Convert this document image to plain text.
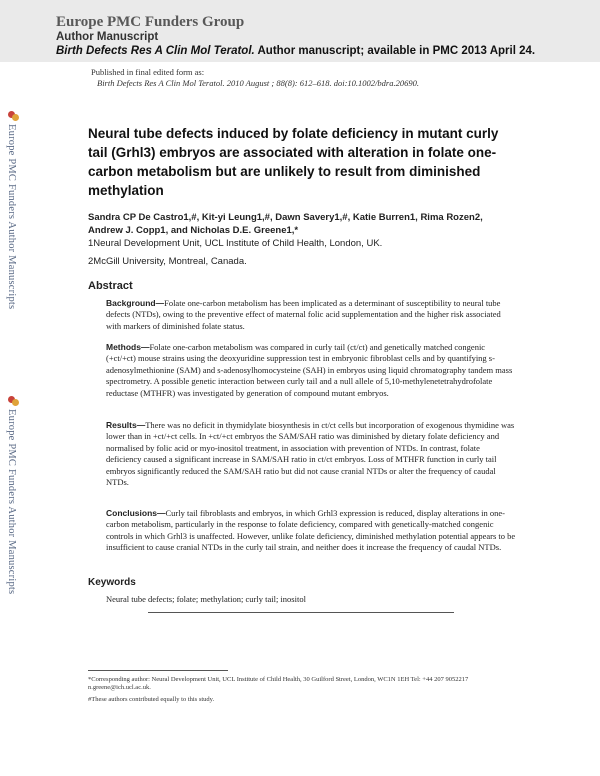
Europe PMC Funders Group
Author Manuscript
Birth Defects Res A Clin Mol Teratol. Author manuscript; available in PMC 2013 April 24.
Published in final edited form as:
Birth Defects Res A Clin Mol Teratol. 2010 August ; 88(8): 612–618. doi:10.1002/bdra.20690.
Europe PMC Funders Author Manuscripts
Europe PMC Funders Author Manuscripts
Neural tube defects induced by folate deficiency in mutant curly tail (Grhl3) embryos are associated with alteration in folate one-carbon metabolism but are unlikely to result from diminished methylation
Sandra CP De Castro1,#, Kit-yi Leung1,#, Dawn Savery1,#, Katie Burren1, Rima Rozen2, Andrew J. Copp1, and Nicholas D.E. Greene1,*
1Neural Development Unit, UCL Institute of Child Health, London, UK.
2McGill University, Montreal, Canada.
Abstract
Background—Folate one-carbon metabolism has been implicated as a determinant of susceptibility to neural tube defects (NTDs), owing to the preventive effect of maternal folic acid supplementation and the higher risk associated with markers of diminished folate status.
Methods—Folate one-carbon metabolism was compared in curly tail (ct/ct) and genetically matched congenic (+ct/+ct) mouse strains using the deoxyuridine suppression test in embryonic fibroblast cells and by quantifying s-adenosylmethionine (SAM) and s-adenosylhomocysteine (SAH) in embryos using liquid chromatography tandem mass spectrometry. A possible genetic interaction between curly tail and a null allele of 5,10-methylenetetrahydrofolate reductase (MTHFR) was investigated by generation of compound mutant embryos.
Results—There was no deficit in thymidylate biosynthesis in ct/ct cells but incorporation of exogenous thymidine was lower than in +ct/+ct cells. In +ct/+ct embryos the SAM/SAH ratio was diminished by dietary folate deficiency and normalised by folic acid or myo-inositol treatment, in association with prevention of NTDs. In contrast, folate deficiency caused a significant increase in SAM/SAH ratio in ct/ct embryos. Loss of MTHFR function in curly tail embryos significantly reduced the SAM/SAH ratio but did not cause cranial NTDs or alter the frequency of caudal NTDs.
Conclusions—Curly tail fibroblasts and embryos, in which Grhl3 expression is reduced, display alterations in one-carbon metabolism, particularly in the response to folate deficiency, compared with genetically-matched congenic controls in which Grhl3 is unaffected. However, unlike folate deficiency, diminished methylation potential appears to be insufficient to cause cranial NTDs in the curly tail strain, and neither does it increase the frequency of caudal NTDs.
Keywords
Neural tube defects; folate; methylation; curly tail; inositol
*Corresponding author: Neural Development Unit, UCL Institute of Child Health, 30 Guilford Street, London, WC1N 1EH Tel: +44 207 9052217 n.greene@ich.ucl.ac.uk.
#These authors contributed equally to this study.
